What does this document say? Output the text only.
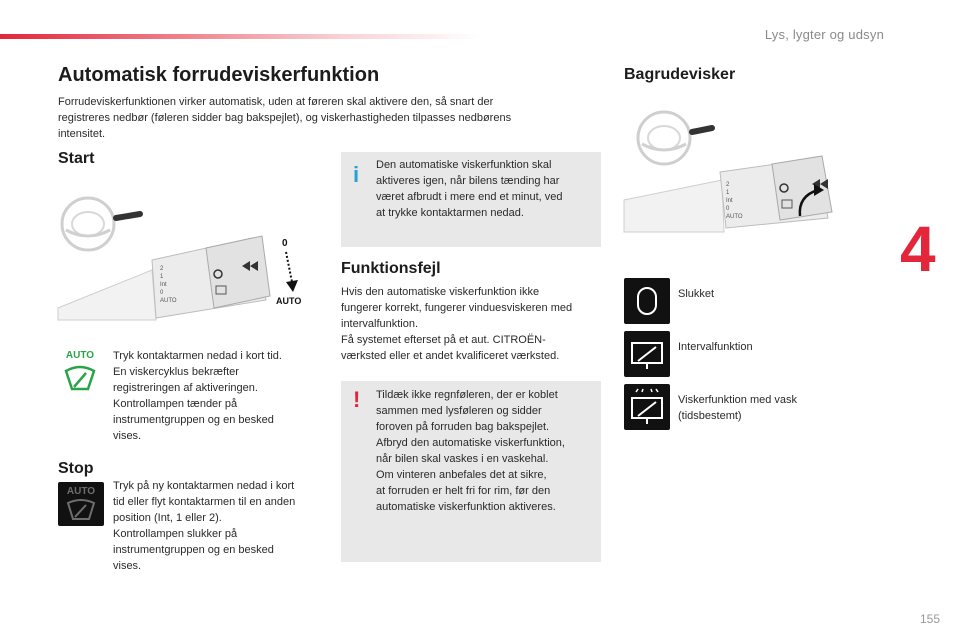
Lys, lygter og udsyn
4
Automatisk forrudeviskerfunktion
Forrudeviskerfunktionen virker automatisk, uden at føreren skal aktivere den, så snart der
registreres nedbør (føleren sidder bag bakspejlet), og viskerhastigheden tilpasses nedbørens
intensitet.
Start
2
1
Int
0
AUTO
0
AUTO
AUTO	Tryk kontaktarmen nedad i kort tid.
En viskercyklus bekræfter
registreringen af aktiveringen.
Kontrollampen tænder på
instrumentgruppen og en besked
vises.
Stop
AUTO	Tryk på ny kontaktarmen nedad i kort
tid eller flyt kontaktarmen til en anden
position (Int, 1 eller 2).
Kontrollampen slukker på
instrumentgruppen og en besked
vises.
i Den automatiske viskerfunktion skal
aktiveres igen, når bilens tænding har
været afbrudt i mere end et minut, ved
at trykke kontaktarmen nedad.
Funktionsfejl
Hvis den automatiske viskerfunktion ikke
fungerer korrekt, fungerer vinduesviskeren med
intervalfunktion.
Få systemet efterset på et aut. CITROËN-
værksted eller et andet kvalificeret værksted.
! Tildæk ikke regnføleren, der er koblet
sammen med lysføleren og sidder
foroven på forruden bag bakspejlet.
Afbryd den automatiske viskerfunktion,
når bilen skal vaskes i en vaskehal.
Om vinteren anbefales det at sikre,
at forruden er helt fri for rim, før den
automatiske viskerfunktion aktiveres.
Bagrudevisker
2
1
Int
0
AUTO
Slukket
Intervalfunktion
Viskerfunktion med vask
(tidsbestemt)
155
